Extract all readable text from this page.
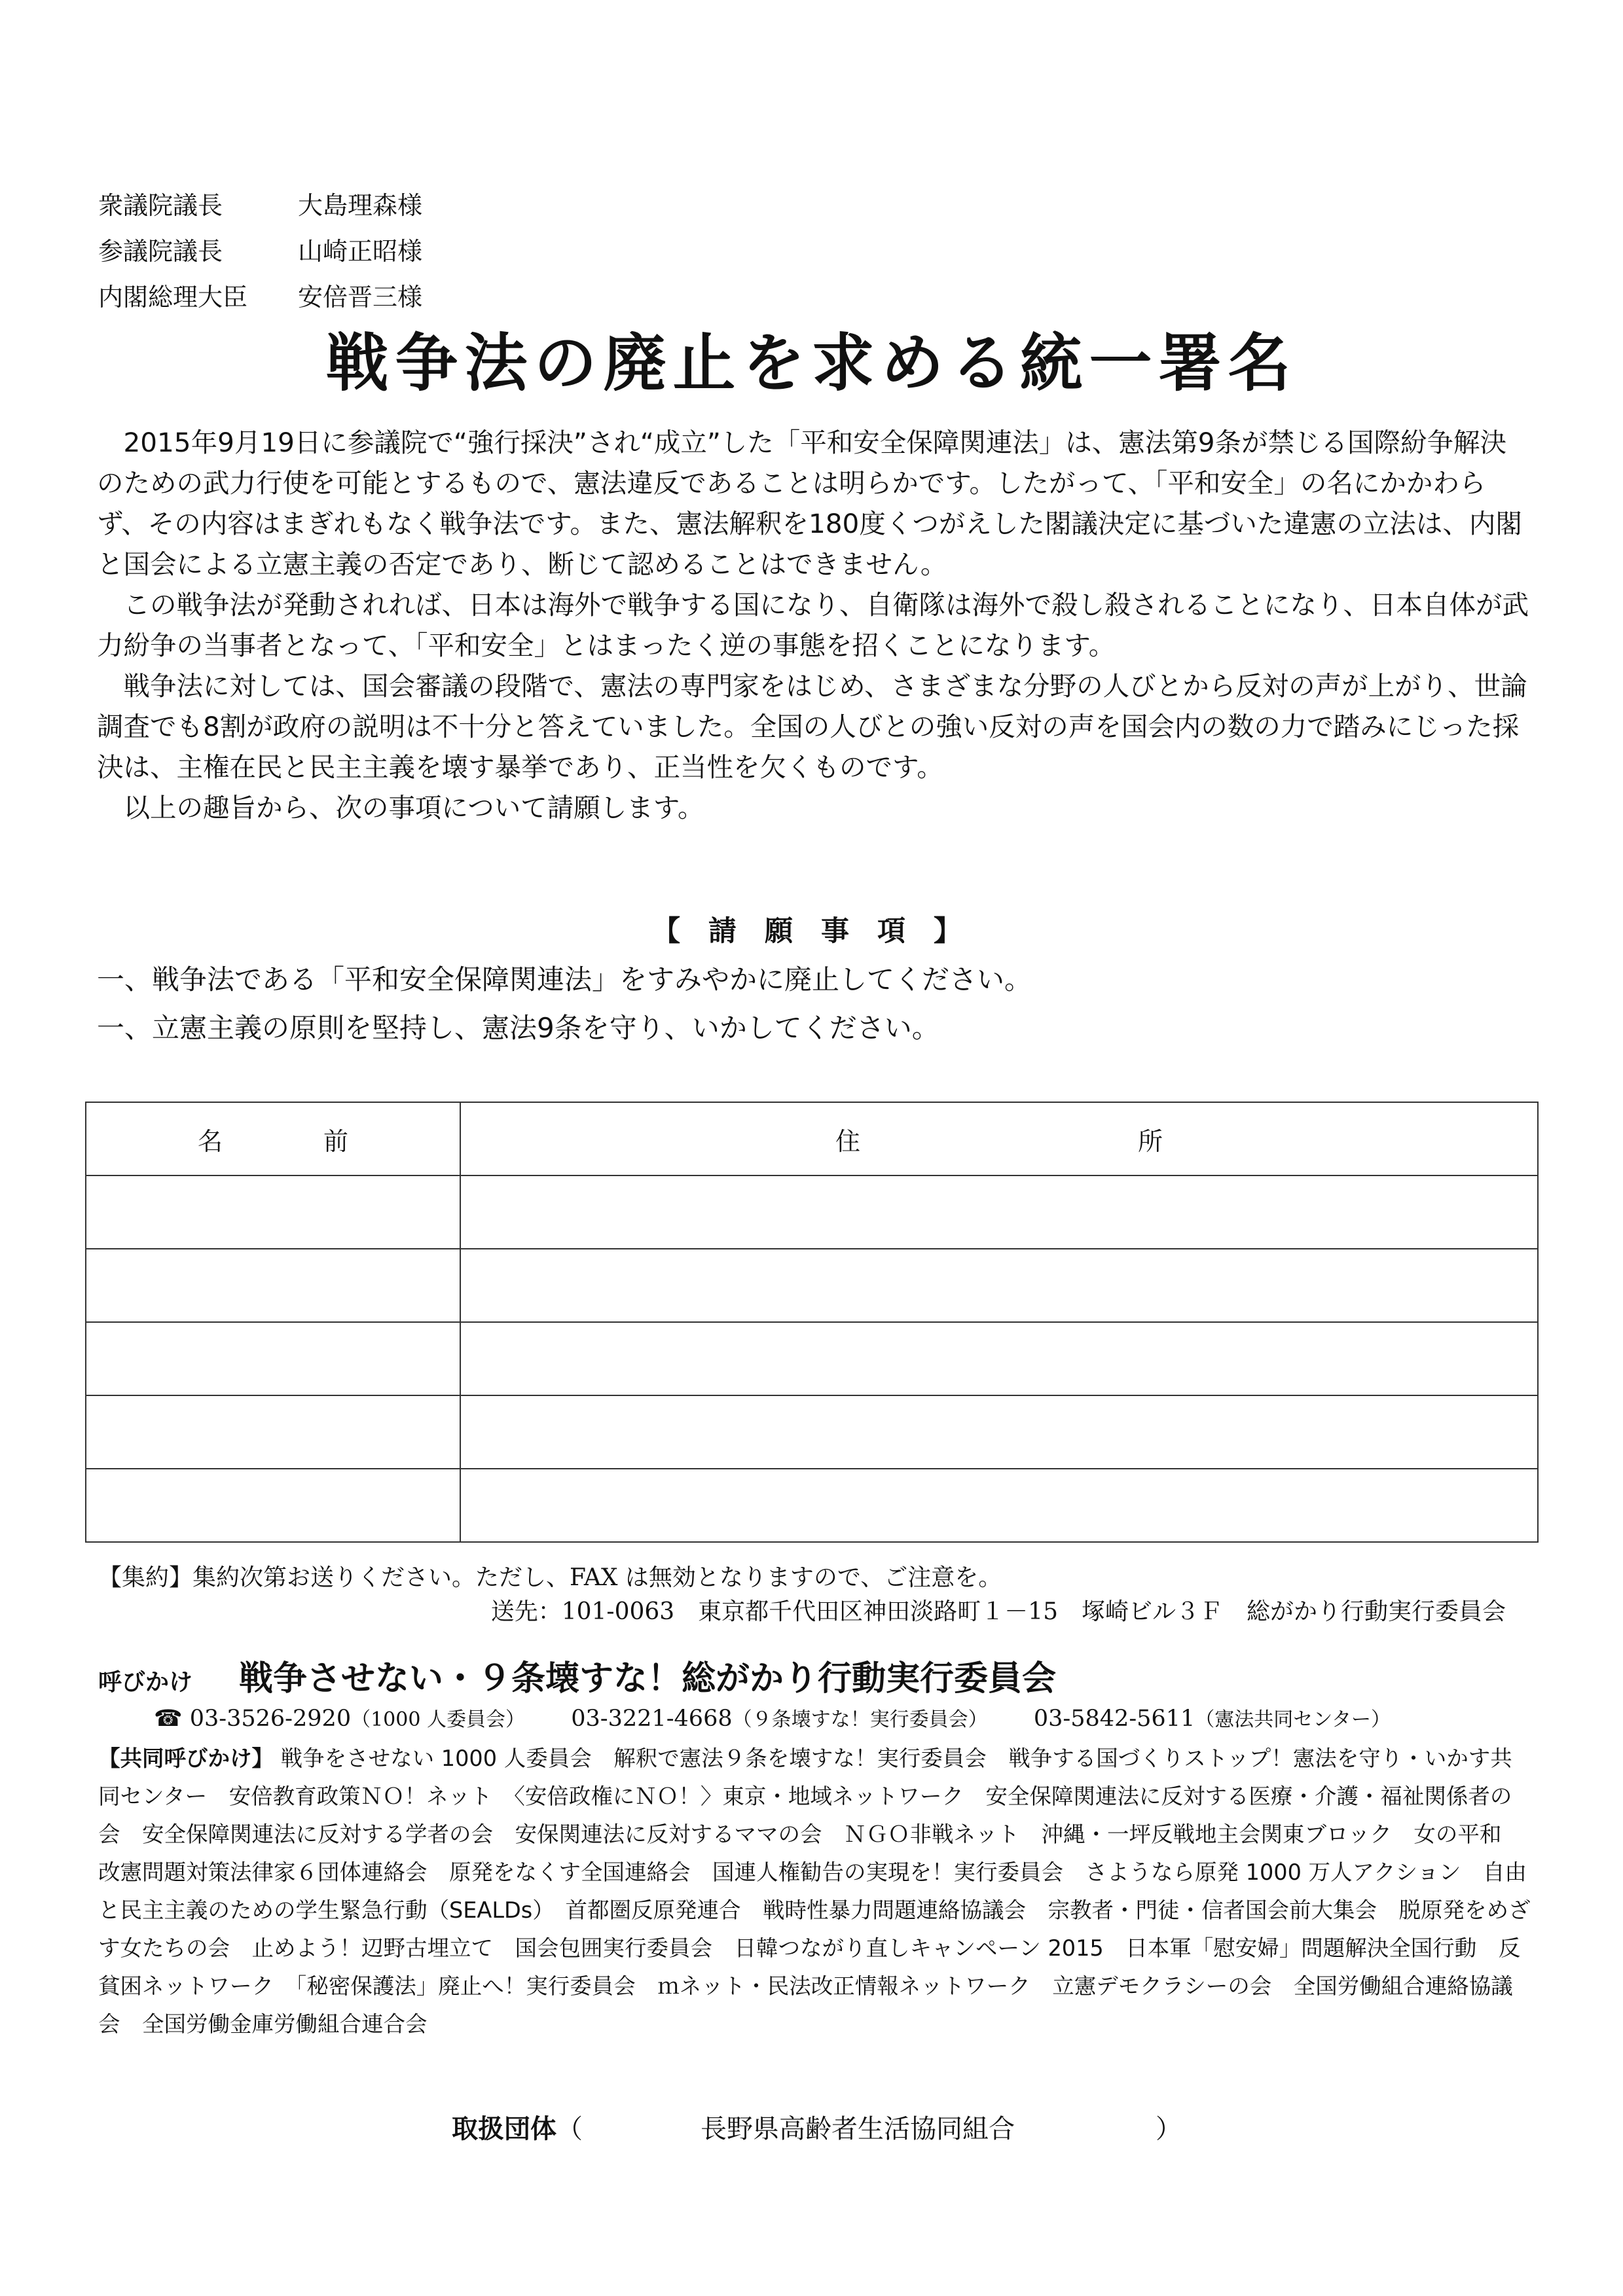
衆議院議長	大島理森様
参議院議長	山崎正昭様
内閣総理大臣	安倍晋三様
戦争法の廃止を求める統一署名

2015年9月19日に参議院で“強行採決”され“成立”した「平和安全保障関連法」は、憲法第9条が禁じる国際紛争解決のための武力行使を可能とするもので、憲法違反であることは明らかです。したがって、「平和安全」の名にかかわらず、その内容はまぎれもなく戦争法です。また、憲法解釈を180度くつがえした閣議決定に基づいた違憲の立法は、内閣と国会による立憲主義の否定であり、断じて認めることはできません。

この戦争法が発動されれば、日本は海外で戦争する国になり、自衛隊は海外で殺し殺されることになり、日本自体が武力紛争の当事者となって、「平和安全」とはまったく逆の事態を招くことになります。

戦争法に対しては、国会審議の段階で、憲法の専門家をはじめ、さまざまな分野の人びとから反対の声が上がり、世論調査でも8割が政府の説明は不十分と答えていました。全国の人びとの強い反対の声を国会内の数の力で踏みにじった採決は、主権在民と民主主義を壊す暴挙であり、正当性を欠くものです。

以上の趣旨から、次の事項について請願します。

【 請 願 事 項 】
一、戦争法である「平和安全保障関連法」をすみやかに廃止してください。
一、立憲主義の原則を堅持し、憲法9条を守り、いかしてください。
名 前	住 所

【集約】集約次第お送りください。ただし、FAX は無効となりますので、ご注意を。
送先：101-0063　東京都千代田区神田淡路町１－15　塚崎ビル３Ｆ　総がかり行動実行委員会
呼びかけ	戦争させない・９条壊すな！総がかり行動実行委員会
☎ 03-3526-2920（1000 人委員会） 03-3221-4668（９条壊すな！実行委員会） 03-5842-5611（憲法共同センター）
【共同呼びかけ】 戦争をさせない 1000 人委員会　解釈で憲法９条を壊すな！実行委員会　戦争する国づくりストップ！憲法を守り・いかす共同センター　安倍教育政策ＮＯ！ネット　〈安倍政権にＮＯ！〉東京・地域ネットワーク　安全保障関連法に反対する医療・介護・福祉関係者の会　安全保障関連法に反対する学者の会　安保関連法に反対するママの会　ＮＧＯ非戦ネット　沖縄・一坪反戦地主会関東ブロック　女の平和　改憲問題対策法律家６団体連絡会　原発をなくす全国連絡会　国連人権勧告の実現を！実行委員会　さようなら原発 1000 万人アクション　自由と民主主義のための学生緊急行動（SEALDs）　首都圏反原発連合　戦時性暴力問題連絡協議会　宗教者・門徒・信者国会前大集会　脱原発をめざす女たちの会　止めよう！辺野古埋立て　国会包囲実行委員会　日韓つながり直しキャンペーン 2015　日本軍「慰安婦」問題解決全国行動　反貧困ネットワーク　「秘密保護法」廃止へ！実行委員会　ｍネット・民法改正情報ネットワーク　立憲デモクラシーの会　全国労働組合連絡協議会　全国労働金庫労働組合連合会
取扱団体（	長野県高齢者生活協同組合	）
